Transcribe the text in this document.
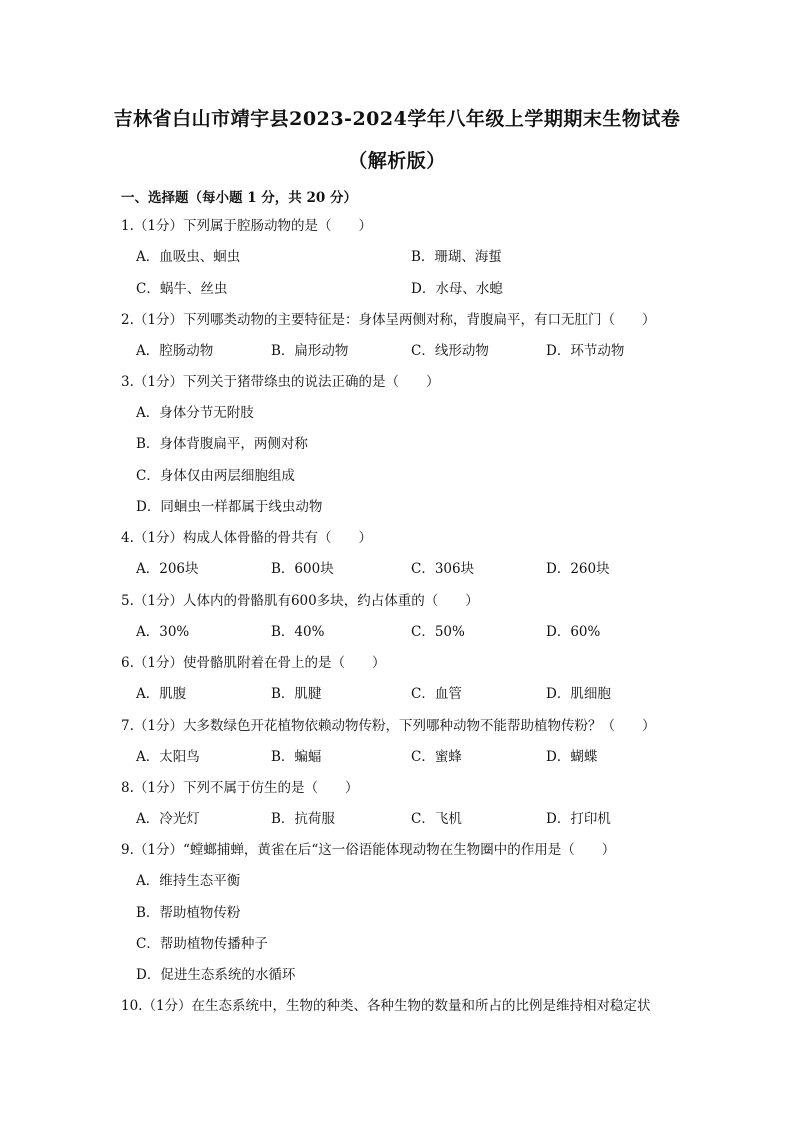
吉林省白山市靖宇县2023-2024学年八年级上学期期末生物试卷
（解析版）
一、选择题（每小题 1 分，共 20 分）
1.（1分）下列属于腔肠动物的是（　　）
A．血吸虫、蛔虫	B．珊瑚、海蜇
C．蜗牛、丝虫	D．水母、水螅
2.（1分）下列哪类动物的主要特征是：身体呈两侧对称，背腹扁平，有口无肛门（　　）
A．腔肠动物	B．扁形动物	C．线形动物	D．环节动物
3.（1分）下列关于猪带绦虫的说法正确的是（　　）
A．身体分节无附肢
B．身体背腹扁平，两侧对称
C．身体仅由两层细胞组成
D．同蛔虫一样都属于线虫动物
4.（1分）构成人体骨骼的骨共有（　　）
A．206块	B．600块	C．306块	D．260块
5.（1分）人体内的骨骼肌有600多块，约占体重的（　　）
A．30%	B．40%	C．50%	D．60%
6.（1分）使骨骼肌附着在骨上的是（　　）
A．肌腹	B．肌腱	C．血管	D．肌细胞
7.（1分）大多数绿色开花植物依赖动物传粉，下列哪种动物不能帮助植物传粉？（　　）
A．太阳鸟	B．蝙蝠	C．蜜蜂	D．蝴蝶
8.（1分）下列不属于仿生的是（　　）
A．冷光灯	B．抗荷服	C．飞机	D．打印机
9.（1分）“螳螂捕蝉，黄雀在后“这一俗语能体现动物在生物圈中的作用是（　　）
A．维持生态平衡
B．帮助植物传粉
C．帮助植物传播种子
D．促进生态系统的水循环
10.（1分）在生态系统中，生物的种类、各种生物的数量和所占的比例是维持相对稳定状
